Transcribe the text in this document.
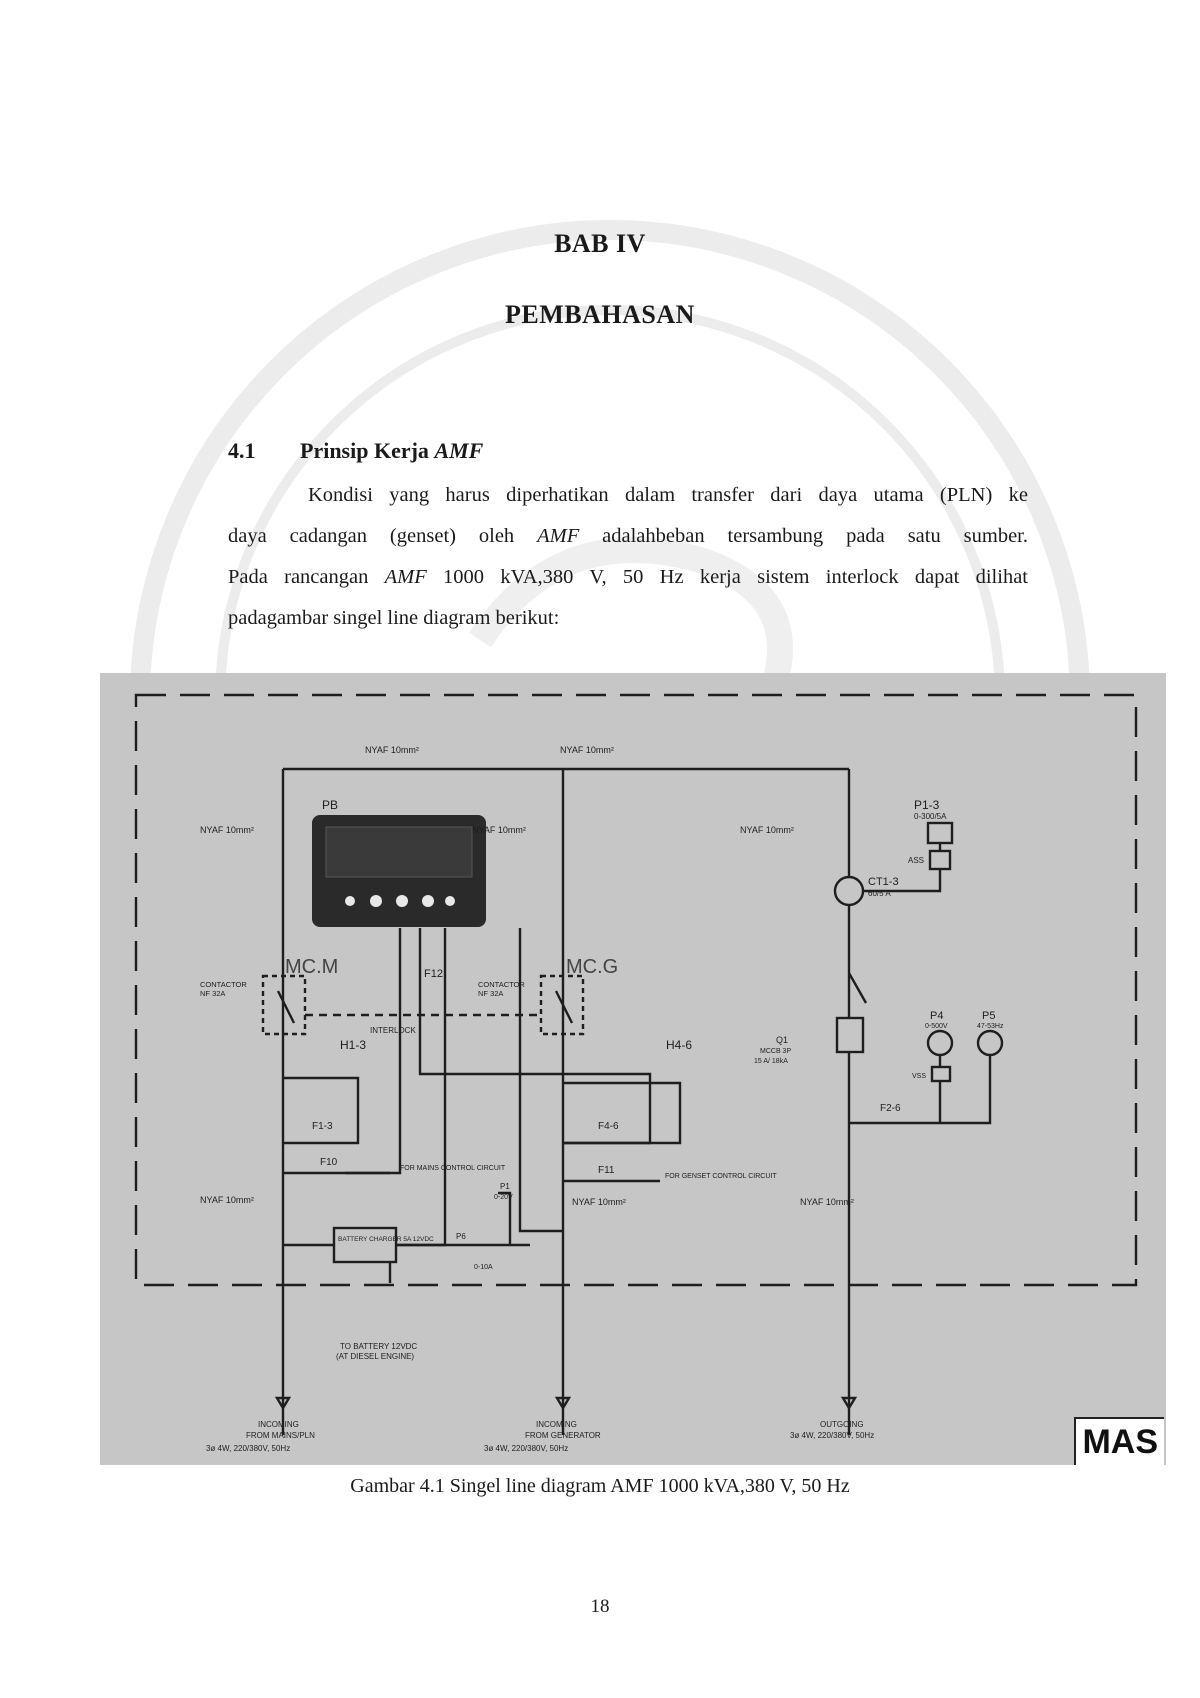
BAB IV
PEMBAHASAN
4.1 Prinsip Kerja AMF
Kondisi yang harus diperhatikan dalam transfer dari daya utama (PLN) ke
daya cadangan (genset) oleh AMF adalahbeban tersambung pada satu sumber.
Pada rancangan AMF 1000 kVA,380 V, 50 Hz kerja sistem interlock dapat dilihat
padagambar singel line diagram berikut:
NYAF 10mm²	NYAF 10mm²
NYAF 10mm²	NYAF 10mm²	NYAF 10mm²
NYAF 10mm²	NYAF 10mm²	NYAF 10mm²
PB	P1-3
0-300/5A
CT1-3
60/5 A
ASS
MC.M	MC.G
CONTACTOR
NF 32A
CONTACTOR
NF 32A
F12
INTERLOCK
H1-3	H4-6
F1-3	F4-6
F10
F11
FOR MAINS CONTROL CIRCUIT
FOR GENSET CONTROL CIRCUIT
BATTERY CHARGER 5A 12VDC
P1
0-20V
P6
0-10A
Q1
MCCB 3P
15 A/ 18kA
P4
0-500V
P5
47-53Hz
VSS
F2-6
TO BATTERY 12VDC
(AT DIESEL ENGINE)
INCOMING
FROM MAINS/PLN
3ø 4W, 220/380V, 50Hz
INCOMING
FROM GENERATOR
3ø 4W, 220/380V, 50Hz
OUTGOING
3ø 4W, 220/380V, 50Hz	MAS
Gambar 4.1 Singel line diagram AMF 1000 kVA,380 V, 50 Hz
18
